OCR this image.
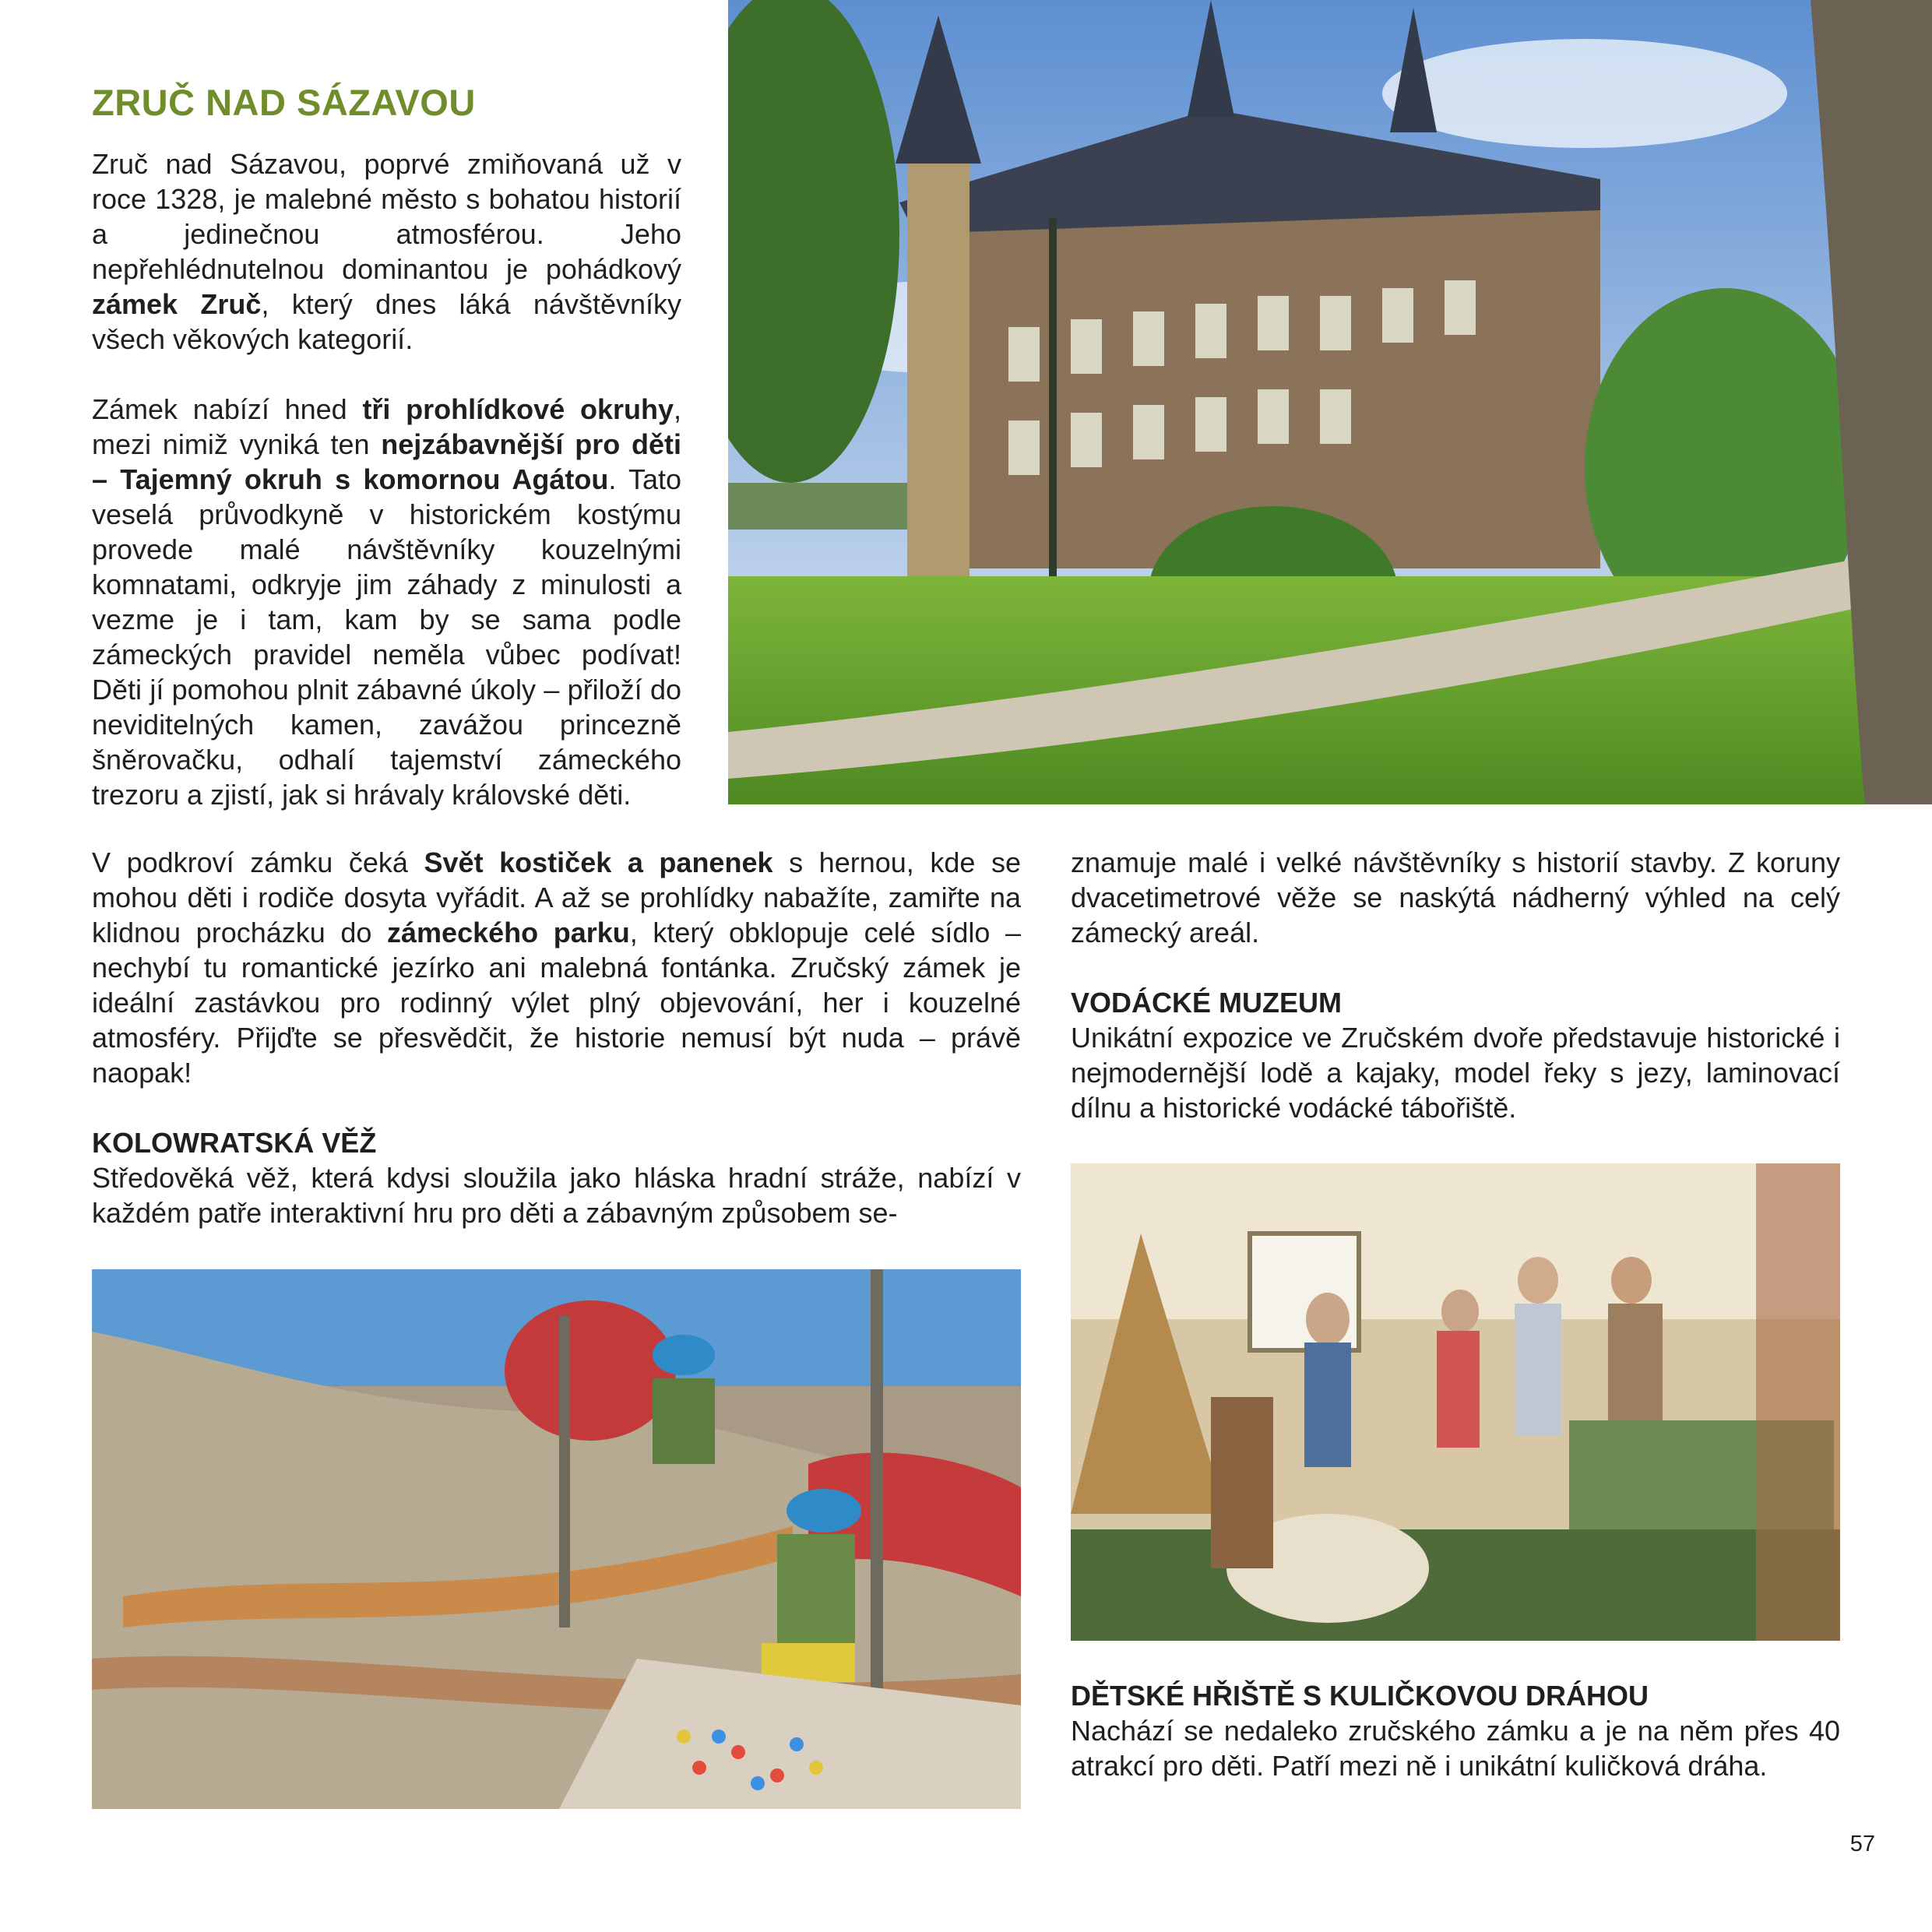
ZRUČ NAD SÁZAVOU

Zruč nad Sázavou, poprvé zmiňovaná už v roce 1328, je malebné město s bohatou historií a jedinečnou atmosférou. Jeho nepřehlédnutelnou dominantou je pohádkový zámek Zruč, který dnes láká návštěvníky všech věkových kategorií.

Zámek nabízí hned tři prohlídkové okruhy, mezi nimiž vyniká ten nejzábavnější pro děti – Tajemný okruh s komornou Agátou. Tato veselá průvodkyně v historickém kostýmu provede malé návštěvníky kouzelnými komnatami, odkryje jim záhady z minulosti a vezme je i tam, kam by se sama podle zámeckých pravidel neměla vůbec podívat! Děti jí pomohou plnit zábavné úkoly – přiloží do neviditelných kamen, zavážou princezně šněrovačku, odhalí tajemství zámeckého trezoru a zjistí, jak si hrávaly královské děti.

V podkroví zámku čeká Svět kostiček a panenek s hernou, kde se mohou děti i rodiče dosyta vyřádit. A až se prohlídky nabažíte, zamiřte na klidnou procházku do zámeckého parku, který obklopuje celé sídlo – nechybí tu romantické jezírko ani malebná fontánka. Zručský zámek je ideální zastávkou pro rodinný výlet plný objevování, her i kouzelné atmosféry. Přijďte se přesvědčit, že historie nemusí být nuda – právě naopak!

KOLOWRATSKÁ VĚŽ

Středověká věž, která kdysi sloužila jako hláska hradní stráže, nabízí v každém patře interaktivní hru pro děti a zábavným způsobem se-

znamuje malé i velké návštěvníky s historií stavby. Z koruny dvacetimetrové věže se naskýtá nádherný výhled na celý zámecký areál.

VODÁCKÉ MUZEUM

Unikátní expozice ve Zručském dvoře představuje historické i nejmodernější lodě a kajaky, model řeky s jezy, laminovací dílnu a historické vodácké tábořiště.

DĚTSKÉ HŘIŠTĚ S KULIČKOVOU DRÁHOU

Nachází se nedaleko zručského zámku a je na něm přes 40 atrakcí pro děti. Patří mezi ně i unikátní kuličková dráha.

57
